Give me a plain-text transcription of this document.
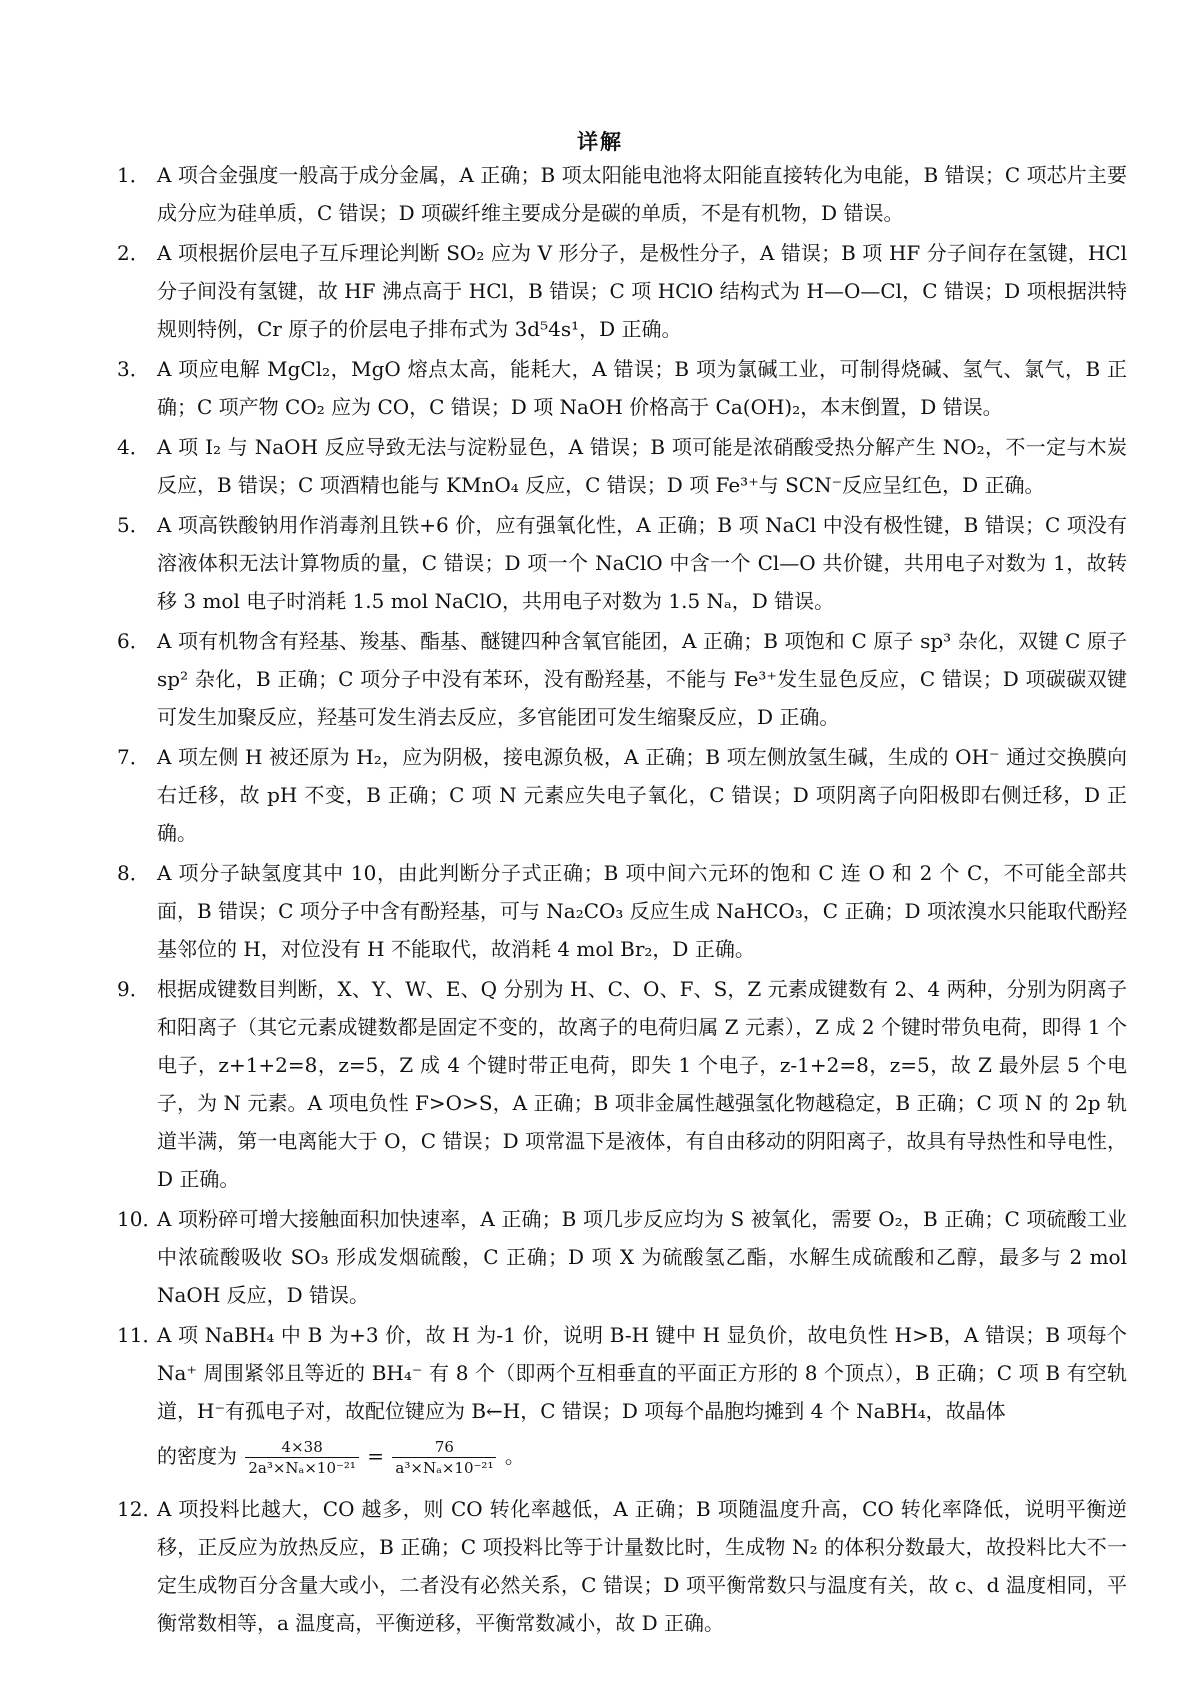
详解
1． A 项合金强度一般高于成分金属，A 正确；B 项太阳能电池将太阳能直接转化为电能，B 错误；C 项芯片主要成分应为硅单质，C 错误；D 项碳纤维主要成分是碳的单质，不是有机物，D 错误。
2． A 项根据价层电子互斥理论判断 SO₂ 应为 V 形分子，是极性分子，A 错误；B 项 HF 分子间存在氢键，HCl 分子间没有氢键，故 HF 沸点高于 HCl，B 错误；C 项 HClO 结构式为 H—O—Cl，C 错误；D 项根据洪特规则特例，Cr 原子的价层电子排布式为 3d⁵4s¹，D 正确。
3． A 项应电解 MgCl₂，MgO 熔点太高，能耗大，A 错误；B 项为氯碱工业，可制得烧碱、氢气、氯气，B 正确；C 项产物 CO₂ 应为 CO，C 错误；D 项 NaOH 价格高于 Ca(OH)₂，本末倒置，D 错误。
4． A 项 I₂ 与 NaOH 反应导致无法与淀粉显色，A 错误；B 项可能是浓硝酸受热分解产生 NO₂，不一定与木炭反应，B 错误；C 项酒精也能与 KMnO₄ 反应，C 错误；D 项 Fe³⁺与 SCN⁻反应呈红色，D 正确。
5． A 项高铁酸钠用作消毒剂且铁+6 价，应有强氧化性，A 正确；B 项 NaCl 中没有极性键，B 错误；C 项没有溶液体积无法计算物质的量，C 错误；D 项一个 NaClO 中含一个 Cl—O 共价键，共用电子对数为 1，故转移 3 mol 电子时消耗 1.5 mol NaClO，共用电子对数为 1.5 Nₐ，D 错误。
6． A 项有机物含有羟基、羧基、酯基、醚键四种含氧官能团，A 正确；B 项饱和 C 原子 sp³ 杂化，双键 C 原子 sp² 杂化，B 正确；C 项分子中没有苯环，没有酚羟基，不能与 Fe³⁺发生显色反应，C 错误；D 项碳碳双键可发生加聚反应，羟基可发生消去反应，多官能团可发生缩聚反应，D 正确。
7． A 项左侧 H 被还原为 H₂，应为阴极，接电源负极，A 正确；B 项左侧放氢生碱，生成的 OH⁻ 通过交换膜向右迁移，故 pH 不变，B 正确；C 项 N 元素应失电子氧化，C 错误；D 项阴离子向阳极即右侧迁移，D 正确。
8． A 项分子缺氢度其中 10，由此判断分子式正确；B 项中间六元环的饱和 C 连 O 和 2 个 C，不可能全部共面，B 错误；C 项分子中含有酚羟基，可与 Na₂CO₃ 反应生成 NaHCO₃，C 正确；D 项浓溴水只能取代酚羟基邻位的 H，对位没有 H 不能取代，故消耗 4 mol Br₂，D 正确。
9． 根据成键数目判断，X、Y、W、E、Q 分别为 H、C、O、F、S，Z 元素成键数有 2、4 两种，分别为阴离子和阳离子（其它元素成键数都是固定不变的，故离子的电荷归属 Z 元素），Z 成 2 个键时带负电荷，即得 1 个电子，z+1+2=8，z=5，Z 成 4 个键时带正电荷，即失 1 个电子，z-1+2=8，z=5，故 Z 最外层 5 个电子，为 N 元素。A 项电负性 F>O>S，A 正确；B 项非金属性越强氢化物越稳定，B 正确；C 项 N 的 2p 轨道半满，第一电离能大于 O，C 错误；D 项常温下是液体，有自由移动的阴阳离子，故具有导热性和导电性，D 正确。
10．
A 项粉碎可增大接触面积加快速率，A 正确；B 项几步反应均为 S 被氧化，需要 O₂，B 正确；C 项硫酸工业中浓硫酸吸收 SO₃ 形成发烟硫酸，C 正确；D 项 X 为硫酸氢乙酯，水解生成硫酸和乙醇，最多与 2 mol NaOH 反应，D 错误。
11．
A 项 NaBH₄ 中 B 为+3 价，故 H 为-1 价，说明 B-H 键中 H 显负价，故电负性 H>B，A 错误；B 项每个 Na⁺ 周围紧邻且等近的 BH₄⁻ 有 8 个（即两个互相垂直的平面正方形的 8 个顶点），B 正确；C 项 B 有空轨道，H⁻有孤电子对，故配位键应为 B←H，C 错误；D 项每个晶胞均摊到 4 个 NaBH₄，故晶体
的密度为 $\frac{4\times 38}{\text{2a³×Nₐ×10⁻²¹}} = \frac{76}{\text{a³×Nₐ×10⁻²¹}}$ 。
12．
A 项投料比越大，CO 越多，则 CO 转化率越低，A 正确；B 项随温度升高，CO 转化率降低，说明平衡逆移，正反应为放热反应，B 正确；C 项投料比等于计量数比时，生成物 N₂ 的体积分数最大，故投料比大不一定生成物百分含量大或小，二者没有必然关系，C 错误；D 项平衡常数只与温度有关，故 c、d 温度相同，平衡常数相等，a 温度高，平衡逆移，平衡常数减小，故 D 正确。
